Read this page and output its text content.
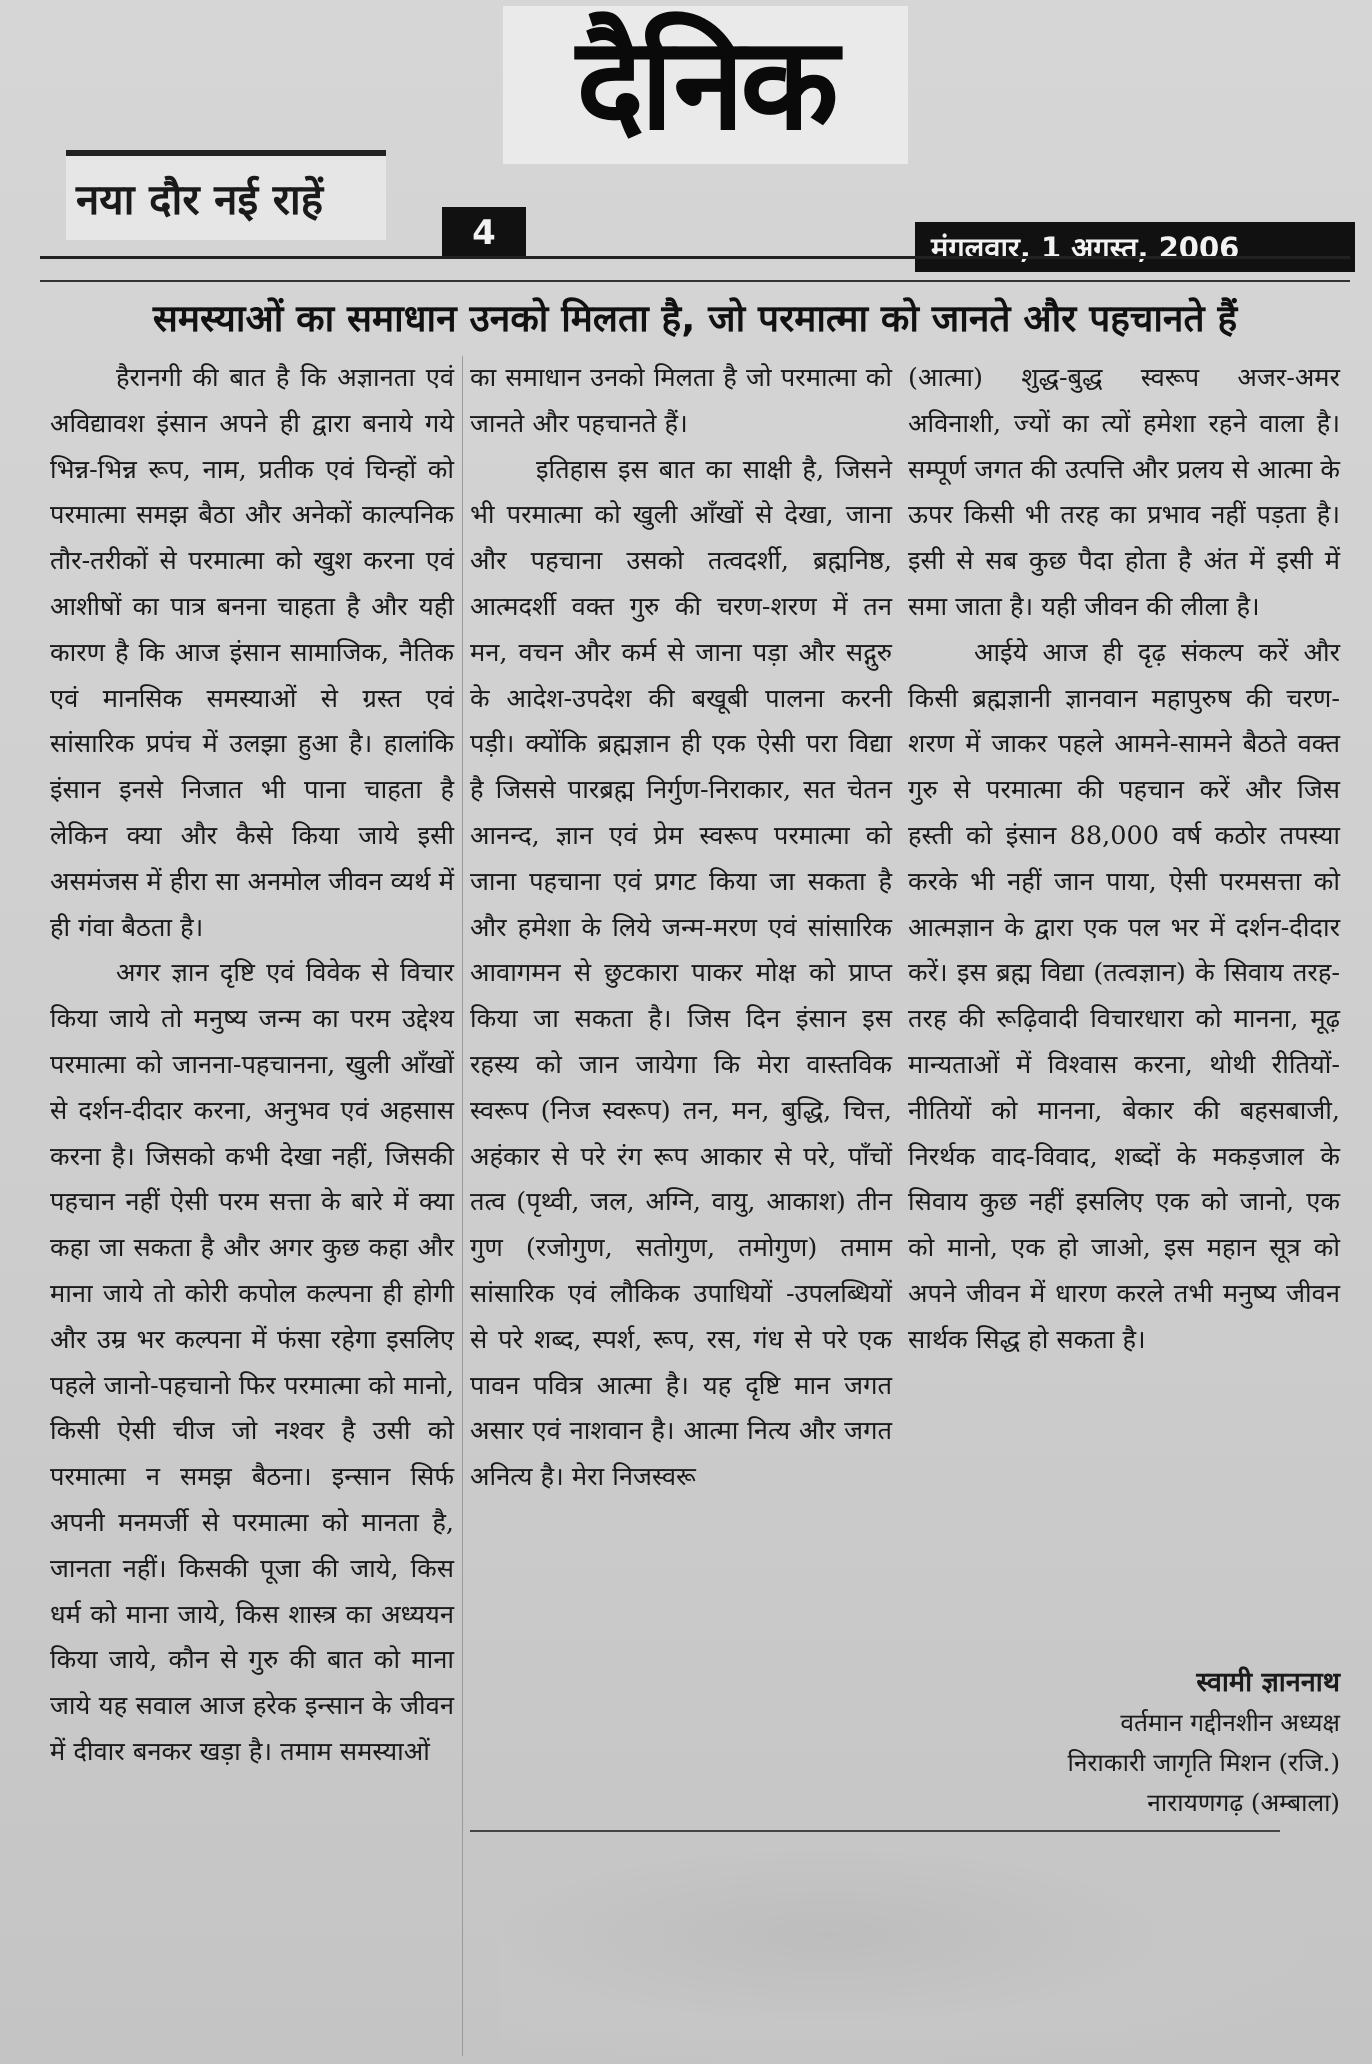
दैनिक
नया दौर नई राहें
4	मंगलवार, 1 अगस्त, 2006
समस्याओं का समाधान उनको मिलता है, जो परमात्मा को जानते और पहचानते हैं

हैरानगी की बात है कि अज्ञानता एवं अविद्यावश इंसान अपने ही द्वारा बनाये गये भिन्न-भिन्न रूप, नाम, प्रतीक एवं चिन्हों को परमात्मा समझ बैठा और अनेकों काल्पनिक तौर-तरीकों से परमात्मा को खुश करना एवं आशीषों का पात्र बनना चाहता है और यही कारण है कि आज इंसान सामाजिक, नैतिक एवं मानसिक समस्याओं से ग्रस्त एवं सांसारिक प्रपंच में उलझा हुआ है। हालांकि इंसान इनसे निजात भी पाना चाहता है लेकिन क्या और कैसे किया जाये इसी असमंजस में हीरा सा अनमोल जीवन व्यर्थ में ही गंवा बैठता है।

अगर ज्ञान दृष्टि एवं विवेक से विचार किया जाये तो मनुष्य जन्म का परम उद्देश्य परमात्मा को जानना-पहचानना, खुली आँखों से दर्शन-दीदार करना, अनुभव एवं अहसास करना है। जिसको कभी देखा नहीं, जिसकी पहचान नहीं ऐसी परम सत्ता के बारे में क्या कहा जा सकता है और अगर कुछ कहा और माना जाये तो कोरी कपोल कल्पना ही होगी और उम्र भर कल्पना में फंसा रहेगा इसलिए पहले जानो-पहचानो फिर परमात्मा को मानो, किसी ऐसी चीज जो नश्वर है उसी को परमात्मा न समझ बैठना। इन्सान सिर्फ अपनी मनमर्जी से परमात्मा को मानता है, जानता नहीं। किसकी पूजा की जाये, किस धर्म को माना जाये, किस शास्त्र का अध्ययन किया जाये, कौन से गुरु की बात को माना जाये यह सवाल आज हरेक इन्सान के जीवन में दीवार बनकर खड़ा है। तमाम समस्याओं

का समाधान उनको मिलता है जो परमात्मा को जानते और पहचानते हैं।

इतिहास इस बात का साक्षी है, जिसने भी परमात्मा को खुली आँखों से देखा, जाना और पहचाना उसको तत्वदर्शी, ब्रह्मनिष्ठ, आत्मदर्शी वक्त गुरु की चरण-शरण में तन मन, वचन और कर्म से जाना पड़ा और सद्गुरु के आदेश-उपदेश की बखूबी पालना करनी पड़ी। क्योंकि ब्रह्मज्ञान ही एक ऐसी परा विद्या है जिससे पारब्रह्म निर्गुण-निराकार, सत चेतन आनन्द, ज्ञान एवं प्रेम स्वरूप परमात्मा को जाना पहचाना एवं प्रगट किया जा सकता है और हमेशा के लिये जन्म-मरण एवं सांसारिक आवागमन से छुटकारा पाकर मोक्ष को प्राप्त किया जा सकता है। जिस दिन इंसान इस रहस्य को जान जायेगा कि मेरा वास्तविक स्वरूप (निज स्वरूप) तन, मन, बुद्धि, चित्त, अहंकार से परे रंग रूप आकार से परे, पाँचों तत्व (पृथ्वी, जल, अग्नि, वायु, आकाश) तीन गुण (रजोगुण, सतोगुण, तमोगुण) तमाम सांसारिक एवं लौकिक उपाधियों -उपलब्धियों से परे शब्द, स्पर्श, रूप, रस, गंध से परे एक पावन पवित्र आत्मा है। यह दृष्टि मान जगत असार एवं नाशवान है। आत्मा नित्य और जगत अनित्य है। मेरा निजस्वरू

(आत्मा) शुद्ध-बुद्ध स्वरूप अजर-अमर अविनाशी, ज्यों का त्यों हमेशा रहने वाला है। सम्पूर्ण जगत की उत्पत्ति और प्रलय से आत्मा के ऊपर किसी भी तरह का प्रभाव नहीं पड़ता है। इसी से सब कुछ पैदा होता है अंत में इसी में समा जाता है। यही जीवन की लीला है।

आईये आज ही दृढ़ संकल्प करें और किसी ब्रह्मज्ञानी ज्ञानवान महापुरुष की चरण-शरण में जाकर पहले आमने-सामने बैठते वक्त गुरु से परमात्मा की पहचान करें और जिस हस्ती को इंसान 88,000 वर्ष कठोर तपस्या करके भी नहीं जान पाया, ऐसी परमसत्ता को आत्मज्ञान के द्वारा एक पल भर में दर्शन-दीदार करें। इस ब्रह्म विद्या (तत्वज्ञान) के सिवाय तरह-तरह की रूढ़िवादी विचारधारा को मानना, मूढ़ मान्यताओं में विश्वास करना, थोथी रीतियों-नीतियों को मानना, बेकार की बहसबाजी, निरर्थक वाद-विवाद, शब्दों के मकड़जाल के सिवाय कुछ नहीं इसलिए एक को जानो, एक को मानो, एक हो जाओ, इस महान सूत्र को अपने जीवन में धारण करले तभी मनुष्य जीवन सार्थक सिद्ध हो सकता है।

स्वामी ज्ञाननाथ
वर्तमान गद्दीनशीन अध्यक्ष
निराकारी जागृति मिशन (रजि.)
नारायणगढ़ (अम्बाला)
